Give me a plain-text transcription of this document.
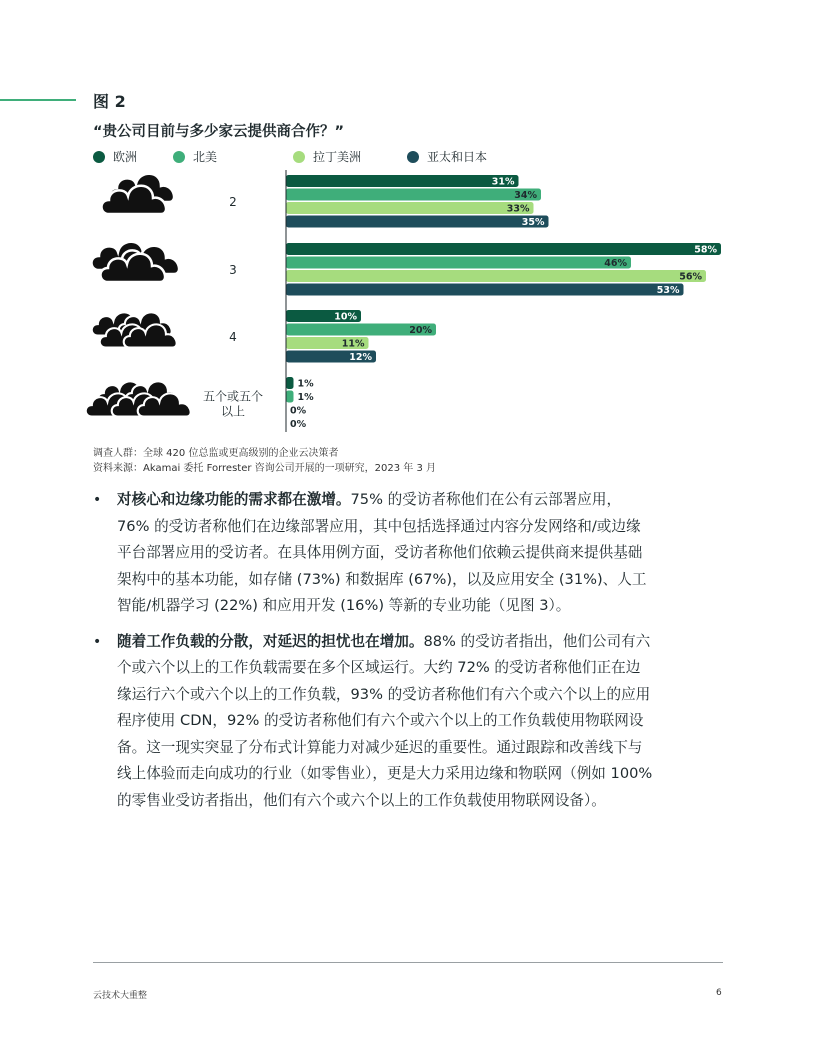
图 2
“贵公司目前与多少家云提供商合作？”
欧洲	北美	拉丁美洲	亚太和日本
2
3
4
五个或五个
以上
31%
34%
33%
35%
58%
46%
56%
53%
10%
20%
11%
12%
1%
1%
0%
0%
调查人群：全球 420 位总监或更高级别的企业云决策者
资料来源：Akamai 委托 Forrester 咨询公司开展的一项研究，2023 年 3 月
• 对核心和边缘功能的需求都在激增。75% 的受访者称他们在公有云部署应用，76% 的受访者称他们在边缘部署应用，其中包括选择通过内容分发网络和/或边缘平台部署应用的受访者。在具体用例方面，受访者称他们依赖云提供商来提供基础架构中的基本功能，如存储 (73%) 和数据库 (67%)，以及应用安全 (31%)、人工智能/机器学习 (22%) 和应用开发 (16%) 等新的专业功能（见图 3）。
• 随着工作负载的分散，对延迟的担忧也在增加。88% 的受访者指出，他们公司有六个或六个以上的工作负载需要在多个区域运行。大约 72% 的受访者称他们正在边缘运行六个或六个以上的工作负载，93% 的受访者称他们有六个或六个以上的应用程序使用 CDN，92% 的受访者称他们有六个或六个以上的工作负载使用物联网设备。这一现实突显了分布式计算能力对减少延迟的重要性。通过跟踪和改善线下与线上体验而走向成功的行业（如零售业），更是大力采用边缘和物联网（例如 100% 的零售业受访者指出，他们有六个或六个以上的工作负载使用物联网设备）。
云技术大重整	6
